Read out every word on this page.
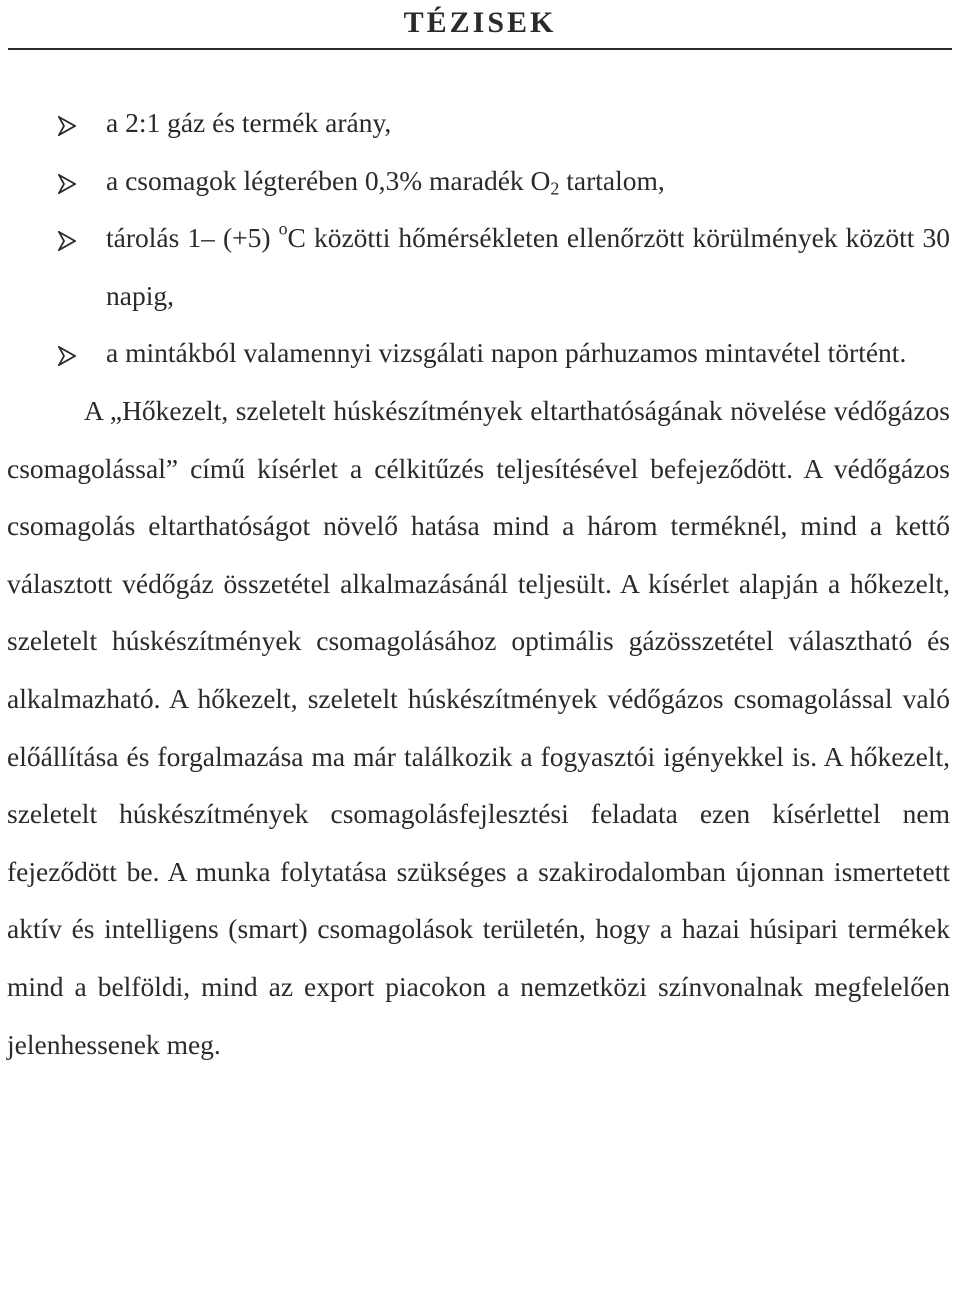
TÉZISEK
a 2:1 gáz és termék arány,
a csomagok légterében 0,3% maradék $O_2$ tartalom,
tárolás 1– (+5) $^o$C közötti hőmérsékleten ellenőrzött körülmények között 30 napig,
a mintákból valamennyi vizsgálati napon párhuzamos mintavétel történt.

A „Hőkezelt, szeletelt húskészítmények eltarthatóságának növelése védőgázos csomagolással” című kísérlet a célkitűzés teljesítésével befejeződött. A védőgázos csomagolás eltarthatóságot növelő hatása mind a három terméknél, mind a kettő választott védőgáz összetétel alkalmazásánál teljesült. A kísérlet alapján a hőkezelt, szeletelt húskészítmények csomagolásához optimális gázösszetétel választható és alkalmazható. A hőkezelt, szeletelt húskészítmények védőgázos csomagolással való előállítása és forgalmazása ma már találkozik a fogyasztói igényekkel is. A hőkezelt, szeletelt húskészítmények csomagolásfejlesztési feladata ezen kísérlettel nem fejeződött be. A munka folytatása szükséges a szakirodalomban újonnan ismertetett aktív és intelligens (smart) csomagolások területén, hogy a hazai húsipari termékek mind a belföldi, mind az export piacokon a nemzetközi színvonalnak megfelelően jelenhessenek meg.
